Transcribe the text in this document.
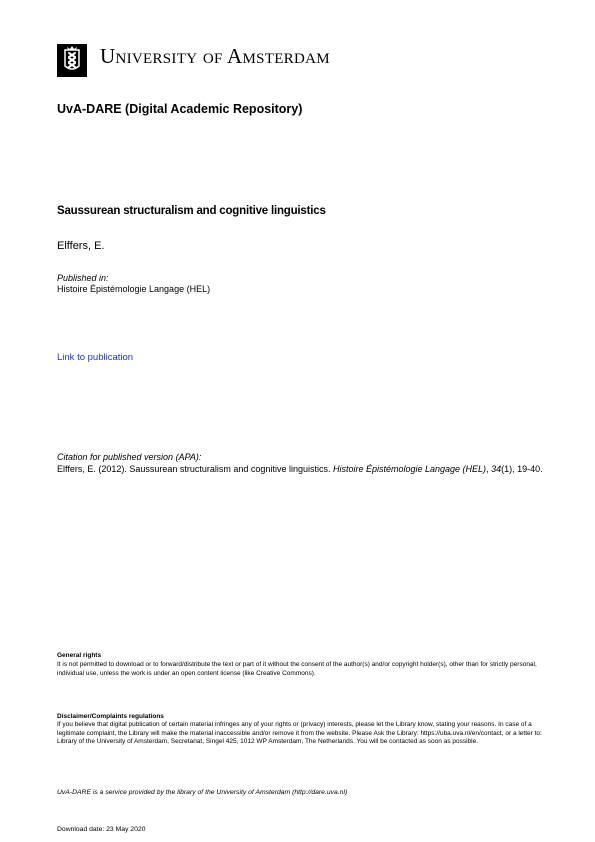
University of Amsterdam
UvA-DARE (Digital Academic Repository)
Saussurean structuralism and cognitive linguistics
Elffers, E.
Published in:
Histoire Épistémologie Langage (HEL)
Link to publication
Citation for published version (APA):
Elffers, E. (2012). Saussurean structuralism and cognitive linguistics. Histoire Épistémologie Langage (HEL), 34(1), 19-40.
General rights
It is not permitted to download or to forward/distribute the text or part of it without the consent of the author(s) and/or copyright holder(s), other than for strictly personal, individual use, unless the work is under an open content license (like Creative Commons).
Disclaimer/Complaints regulations
If you believe that digital publication of certain material infringes any of your rights or (privacy) interests, please let the Library know, stating your reasons. In case of a legitimate complaint, the Library will make the material inaccessible and/or remove it from the website. Please Ask the Library: https://uba.uva.nl/en/contact, or a letter to: Library of the University of Amsterdam, Secretariat, Singel 425, 1012 WP Amsterdam, The Netherlands. You will be contacted as soon as possible.
UvA-DARE is a service provided by the library of the University of Amsterdam (http://dare.uva.nl)
Download date: 23 May 2020
